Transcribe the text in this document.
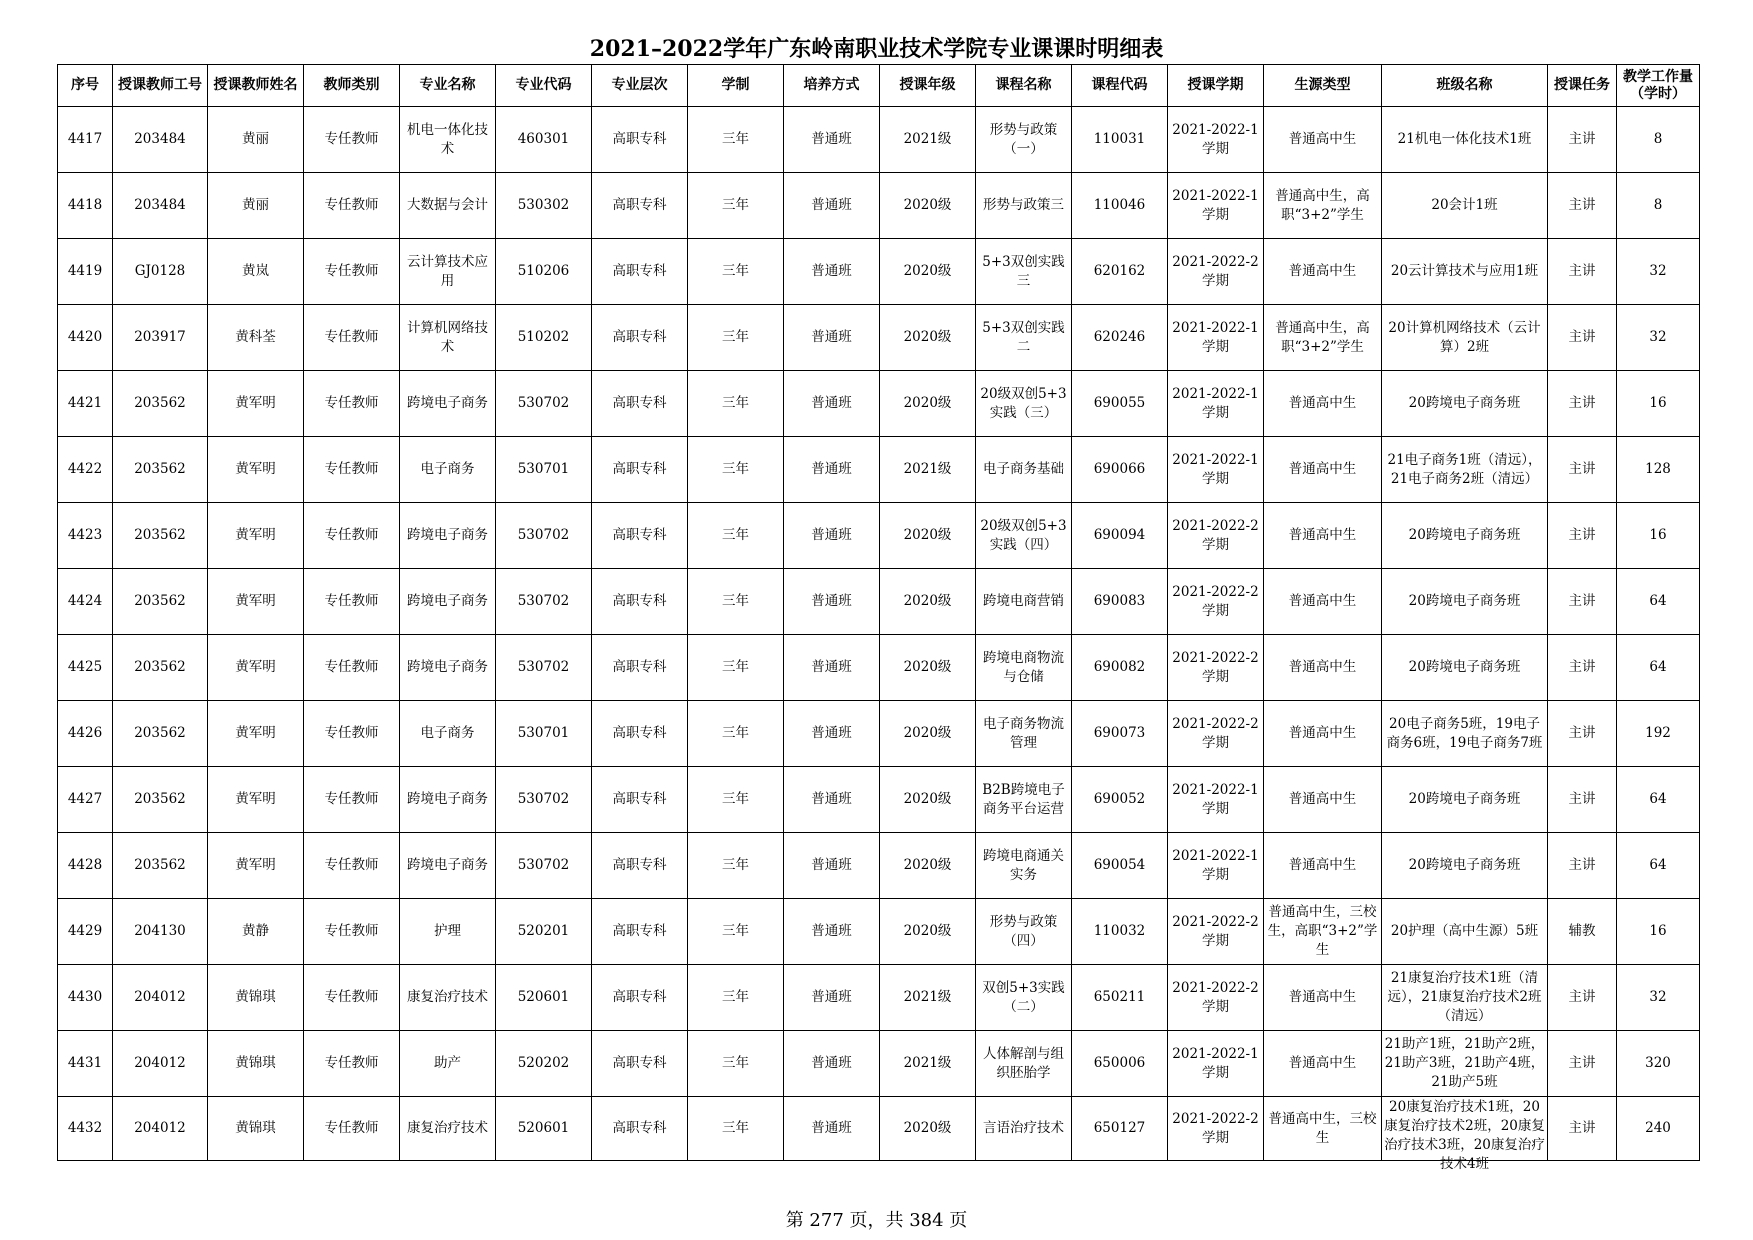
2021–2022学年广东岭南职业技术学院专业课课时明细表
序号	授课教师工号	授课教师姓名	教师类别	专业名称	专业代码	专业层次	学制	培养方式	授课年级	课程名称	课程代码	授课学期	生源类型	班级名称	授课任务	教学工作量（学时）

4417	203484	黄丽	专任教师	机电一体化技术	460301	高职专科	三年	普通班	2021级	形势与政策（一）	110031	2021-2022-1学期	普通高中生	21机电一体化技术1班	主讲	8

4418	203484	黄丽	专任教师	大数据与会计	530302	高职专科	三年	普通班	2020级	形势与政策三	110046	2021-2022-1学期	普通高中生，高职“3+2”学生	20会计1班	主讲	8

4419	GJ0128	黄岚	专任教师	云计算技术应用	510206	高职专科	三年	普通班	2020级	5+3双创实践三	620162	2021-2022-2学期	普通高中生	20云计算技术与应用1班	主讲	32

4420	203917	黄科荃	专任教师	计算机网络技术	510202	高职专科	三年	普通班	2020级	5+3双创实践二	620246	2021-2022-1学期	普通高中生，高职“3+2”学生	20计算机网络技术（云计算）2班	主讲	32

4421	203562	黄军明	专任教师	跨境电子商务	530702	高职专科	三年	普通班	2020级	20级双创5+3实践（三）	690055	2021-2022-1学期	普通高中生	20跨境电子商务班	主讲	16

4422	203562	黄军明	专任教师	电子商务	530701	高职专科	三年	普通班	2021级	电子商务基础	690066	2021-2022-1学期	普通高中生	21电子商务1班（清远），21电子商务2班（清远）	主讲	128

4423	203562	黄军明	专任教师	跨境电子商务	530702	高职专科	三年	普通班	2020级	20级双创5+3实践（四）	690094	2021-2022-2学期	普通高中生	20跨境电子商务班	主讲	16

4424	203562	黄军明	专任教师	跨境电子商务	530702	高职专科	三年	普通班	2020级	跨境电商营销	690083	2021-2022-2学期	普通高中生	20跨境电子商务班	主讲	64

4425	203562	黄军明	专任教师	跨境电子商务	530702	高职专科	三年	普通班	2020级	跨境电商物流与仓储	690082	2021-2022-2学期	普通高中生	20跨境电子商务班	主讲	64

4426	203562	黄军明	专任教师	电子商务	530701	高职专科	三年	普通班	2020级	电子商务物流管理	690073	2021-2022-2学期	普通高中生	20电子商务5班，19电子商务6班，19电子商务7班	主讲	192

4427	203562	黄军明	专任教师	跨境电子商务	530702	高职专科	三年	普通班	2020级	B2B跨境电子商务平台运营	690052	2021-2022-1学期	普通高中生	20跨境电子商务班	主讲	64

4428	203562	黄军明	专任教师	跨境电子商务	530702	高职专科	三年	普通班	2020级	跨境电商通关实务	690054	2021-2022-1学期	普通高中生	20跨境电子商务班	主讲	64

4429	204130	黄静	专任教师	护理	520201	高职专科	三年	普通班	2020级	形势与政策（四）	110032	2021-2022-2学期	普通高中生，三校生，高职“3+2”学生	20护理（高中生源）5班	辅教	16

4430	204012	黄锦琪	专任教师	康复治疗技术	520601	高职专科	三年	普通班	2021级	双创5+3实践（二）	650211	2021-2022-2学期	普通高中生	21康复治疗技术1班（清远），21康复治疗技术2班（清远）	主讲	32

4431	204012	黄锦琪	专任教师	助产	520202	高职专科	三年	普通班	2021级	人体解剖与组织胚胎学	650006	2021-2022-1学期	普通高中生	21助产1班，21助产2班，21助产3班，21助产4班，21助产5班	主讲	320

4432	204012	黄锦琪	专任教师	康复治疗技术	520601	高职专科	三年	普通班	2020级	言语治疗技术	650127	2021-2022-2学期	普通高中生，三校生	20康复治疗技术1班，20康复治疗技术2班，20康复治疗技术3班，20康复治疗技术4班	主讲	240
第 277 页，共 384 页
